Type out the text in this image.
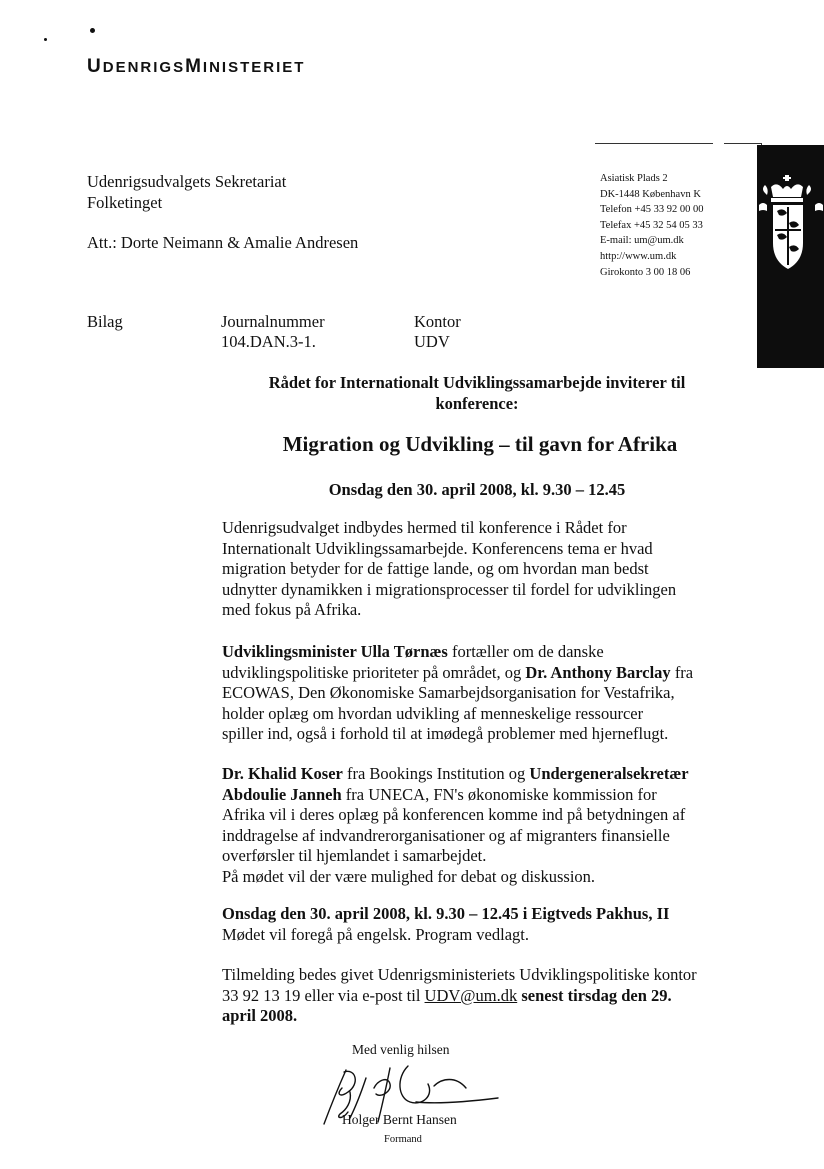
UDENRIGSMINISTERIET
Udenrigsudvalgets Sekretariat
Folketinget
Att.: Dorte Neimann & Amalie Andresen
Asiatisk Plads 2
DK-1448 København K
Telefon +45 33 92 00 00
Telefax +45 32 54 05 33
E-mail: um@um.dk
http://www.um.dk
Girokonto 3 00 18 06
Bilag	Journalnummer
104.DAN.3-1.
Kontor
UDV
Rådet for Internationalt Udviklingssamarbejde inviterer til
konference:
Migration og Udvikling – til gavn for Afrika
Onsdag den 30. april 2008, kl. 9.30 – 12.45
Udenrigsudvalget indbydes hermed til konference i Rådet for
Internationalt Udviklingssamarbejde. Konferencens tema er hvad
migration betyder for de fattige lande, og om hvordan man bedst
udnytter dynamikken i migrationsprocesser til fordel for udviklingen
med fokus på Afrika.
Udviklingsminister Ulla Tørnæs fortæller om de danske
udviklingspolitiske prioriteter på området, og Dr. Anthony Barclay fra
ECOWAS, Den Økonomiske Samarbejdsorganisation for Vestafrika,
holder oplæg om hvordan udvikling af menneskelige ressourcer
spiller ind, også i forhold til at imødegå problemer med hjerneflugt.
Dr. Khalid Koser fra Bookings Institution og Undergeneralsekretær
Abdoulie Janneh fra UNECA, FN's økonomiske kommission for
Afrika vil i deres oplæg på konferencen komme ind på betydningen af
inddragelse af indvandrerorganisationer og af migranters finansielle
overførsler til hjemlandet i samarbejdet.
På mødet vil der være mulighed for debat og diskussion.
Onsdag den 30. april 2008, kl. 9.30 – 12.45 i Eigtveds Pakhus, II
Mødet vil foregå på engelsk. Program vedlagt.
Tilmelding bedes givet Udenrigsministeriets Udviklingspolitiske kontor
33 92 13 19 eller via e-post til UDV@um.dk senest tirsdag den 29.
april 2008.
Med venlig hilsen
Holger Bernt Hansen
Formand
